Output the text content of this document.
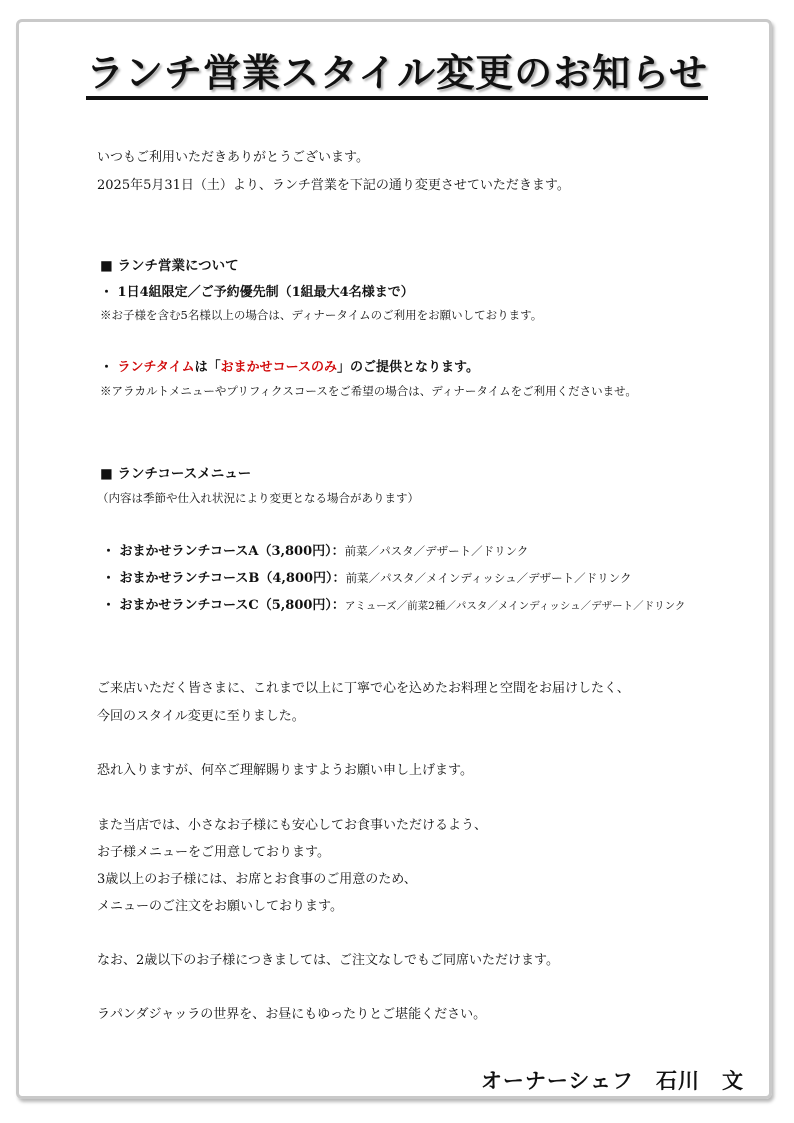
ランチ営業スタイル変更のお知らせ
いつもご利用いただきありがとうございます。
2025年5月31日（土）より、ランチ営業を下記の通り変更させていただきます。
■ ランチ営業について
・ 1日4組限定／ご予約優先制（1組最大4名様まで）
※お子様を含む5名様以上の場合は、ディナータイムのご利用をお願いしております。
・ ランチタイムは「おまかせコースのみ」のご提供となります。
※アラカルトメニューやプリフィクスコースをご希望の場合は、ディナータイムをご利用くださいませ。
■ ランチコースメニュー
（内容は季節や仕入れ状況により変更となる場合があります）
・ おまかせランチコースA（3,800円）：前菜／パスタ／デザート／ドリンク
・ おまかせランチコースB（4,800円）：前菜／パスタ／メインディッシュ／デザート／ドリンク
・ おまかせランチコースC（5,800円）：アミューズ／前菜2種／パスタ／メインディッシュ／デザート／ドリンク
ご来店いただく皆さまに、これまで以上に丁寧で心を込めたお料理と空間をお届けしたく、
今回のスタイル変更に至りました。
恐れ入りますが、何卒ご理解賜りますようお願い申し上げます。
また当店では、小さなお子様にも安心してお食事いただけるよう、
お子様メニューをご用意しております。
3歳以上のお子様には、お席とお食事のご用意のため、
メニューのご注文をお願いしております。
なお、2歳以下のお子様につきましては、ご注文なしでもご同席いただけます。
ラパンダジャッラの世界を、お昼にもゆったりとご堪能ください。
オーナーシェフ　石川　文
